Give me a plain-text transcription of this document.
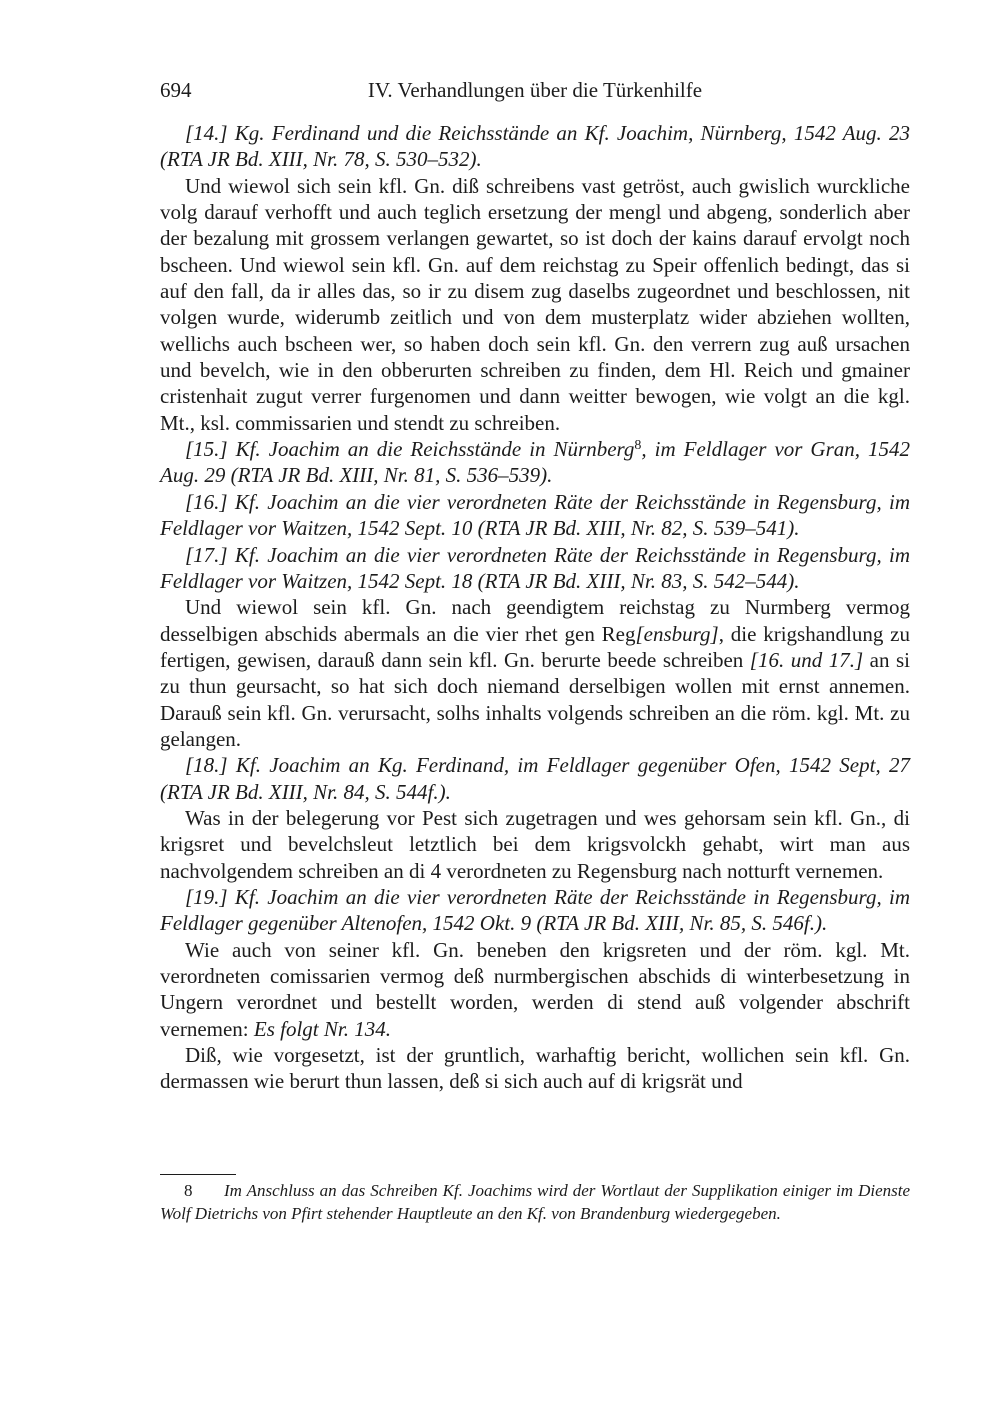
694	IV. Verhandlungen über die Türkenhilfe

[14.] Kg. Ferdinand und die Reichsstände an Kf. Joachim, Nürnberg, 1542 Aug. 23 (RTA JR Bd. XIII, Nr. 78, S. 530–532).

Und wiewol sich sein kfl. Gn. diß schreibens vast getröst, auch gwislich wurckliche volg darauf verhofft und auch teglich ersetzung der mengl und abgeng, sonderlich aber der bezalung mit grossem verlangen gewartet, so ist doch der kains darauf ervolgt noch bscheen. Und wiewol sein kfl. Gn. auf dem reichstag zu Speir offenlich bedingt, das si auf den fall, da ir alles das, so ir zu disem zug daselbs zugeordnet und beschlossen, nit volgen wurde, widerumb zeitlich und von dem musterplatz wider abziehen wollten, wellichs auch bscheen wer, so haben doch sein kfl. Gn. den verrern zug auß ursachen und bevelch, wie in den obberurten schreiben zu finden, dem Hl. Reich und gmainer cristenhait zugut verrer furgenomen und dann weitter bewogen, wie volgt an die kgl. Mt., ksl. commissarien und stendt zu schreiben.

[15.] Kf. Joachim an die Reichsstände in Nürnberg$^8$, im Feldlager vor Gran, 1542 Aug. 29 (RTA JR Bd. XIII, Nr. 81, S. 536–539).

[16.] Kf. Joachim an die vier verordneten Räte der Reichsstände in Regensburg, im Feldlager vor Waitzen, 1542 Sept. 10 (RTA JR Bd. XIII, Nr. 82, S. 539–541).

[17.] Kf. Joachim an die vier verordneten Räte der Reichsstände in Regensburg, im Feldlager vor Waitzen, 1542 Sept. 18 (RTA JR Bd. XIII, Nr. 83, S. 542–544).

Und wiewol sein kfl. Gn. nach geendigtem reichstag zu Nurmberg vermog desselbigen abschids abermals an die vier rhet gen Reg[ensburg], die krigshandlung zu fertigen, gewisen, darauß dann sein kfl. Gn. berurte beede schreiben [16. und 17.] an si zu thun geursacht, so hat sich doch niemand derselbigen wollen mit ernst annemen. Darauß sein kfl. Gn. verursacht, solhs inhalts volgends schreiben an die röm. kgl. Mt. zu gelangen.

[18.] Kf. Joachim an Kg. Ferdinand, im Feldlager gegenüber Ofen, 1542 Sept, 27 (RTA JR Bd. XIII, Nr. 84, S. 544f.).

Was in der belegerung vor Pest sich zugetragen und wes gehorsam sein kfl. Gn., di krigsret und bevelchsleut letztlich bei dem krigsvolckh gehabt, wirt man aus nachvolgendem schreiben an di 4 verordneten zu Regensburg nach notturft vernemen.

[19.] Kf. Joachim an die vier verordneten Räte der Reichsstände in Regensburg, im Feldlager gegenüber Altenofen, 1542 Okt. 9 (RTA JR Bd. XIII, Nr. 85, S. 546f.).

Wie auch von seiner kfl. Gn. beneben den krigsreten und der röm. kgl. Mt. verordneten comissarien vermog deß nurmbergischen abschids di winterbesetzung in Ungern verordnet und bestellt worden, werden di stend auß volgender abschrift vernemen: Es folgt Nr. 134.

Diß, wie vorgesetzt, ist der gruntlich, warhaftig bericht, wollichen sein kfl. Gn. dermassen wie berurt thun lassen, deß si sich auch auf di krigsrät und

8 Im Anschluss an das Schreiben Kf. Joachims wird der Wortlaut der Supplikation einiger im Dienste Wolf Dietrichs von Pfirt stehender Hauptleute an den Kf. von Brandenburg wiedergegeben.
